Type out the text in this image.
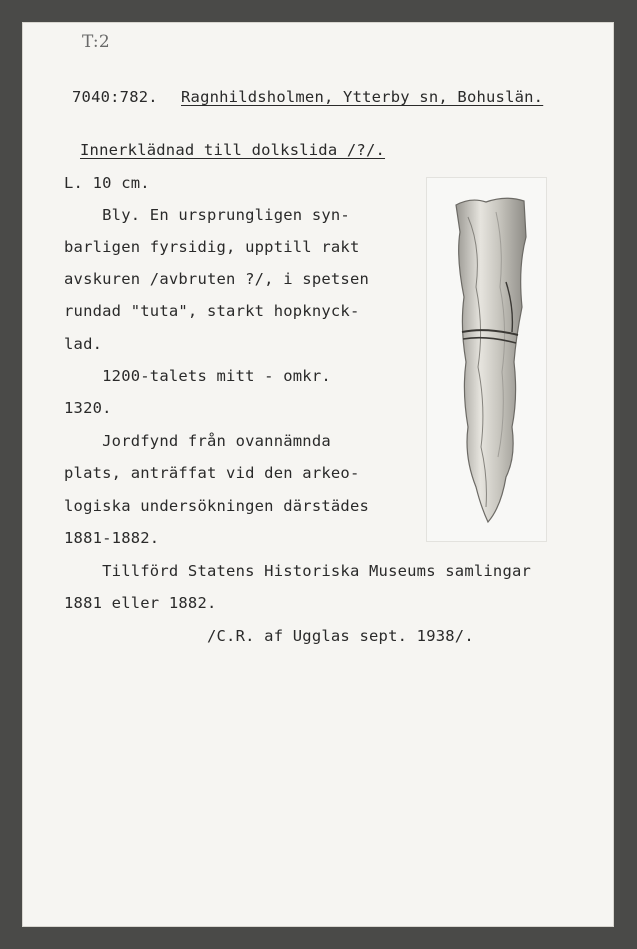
T:2
7040:782. Ragnhildsholmen, Ytterby sn, Bohuslän.
Innerklädnad till dolkslida /?/.
L. 10 cm.
Bly. En ursprungligen syn-
barligen fyrsidig, upptill rakt
avskuren /avbruten ?/, i spetsen
rundad "tuta", starkt hopknyck-
lad.
1200-talets mitt - omkr.
1320.
Jordfynd från ovannämnda
plats, anträffat vid den arkeo-
logiska undersökningen därstädes
1881-1882.
Tillförd Statens Historiska Museums samlingar
1881 eller 1882.
/C.R. af Ugglas sept. 1938/.
